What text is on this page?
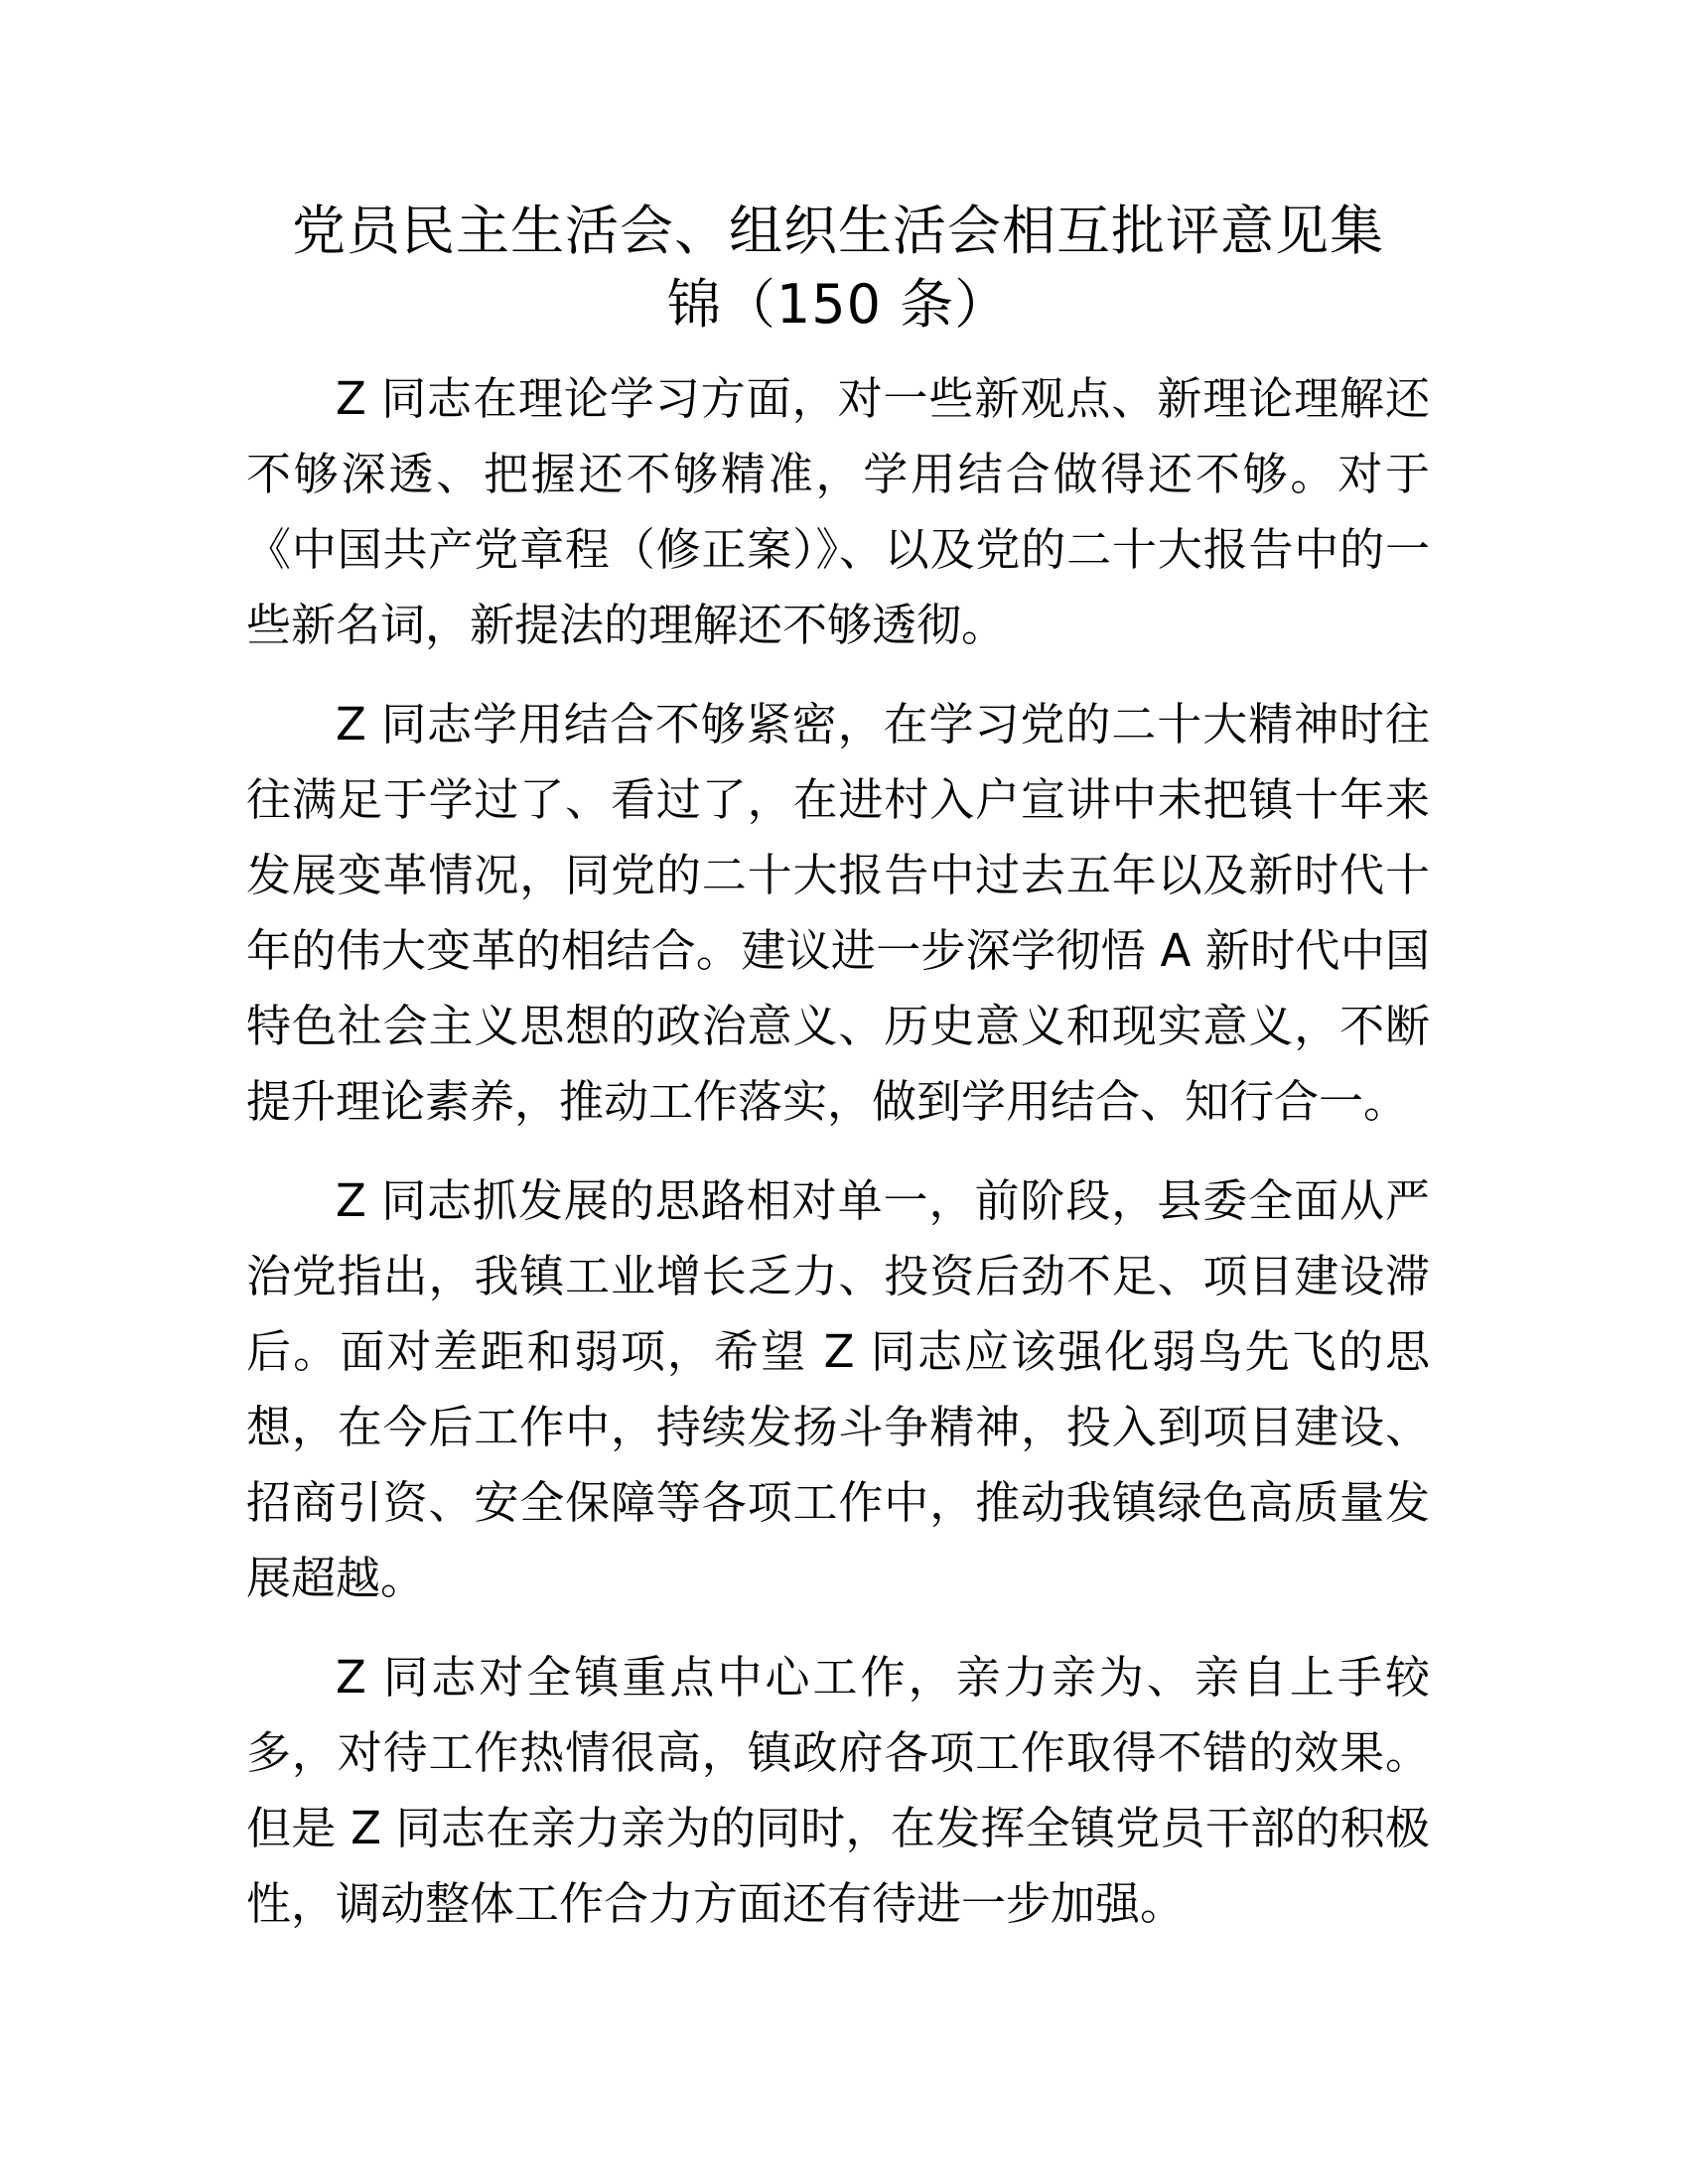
党员民主生活会、组织生活会相互批评意见集
锦（150 条）

Z 同志在理论学习方面，对一些新观点、新理论理解还不够深透、把握还不够精准，学用结合做得还不够。对于《中国共产党章程（修正案）》、以及党的二十大报告中的一些新名词，新提法的理解还不够透彻。

Z 同志学用结合不够紧密，在学习党的二十大精神时往往满足于学过了、看过了，在进村入户宣讲中未把镇十年来发展变革情况，同党的二十大报告中过去五年以及新时代十年的伟大变革的相结合。建议进一步深学彻悟 A 新时代中国特色社会主义思想的政治意义、历史意义和现实意义，不断提升理论素养，推动工作落实，做到学用结合、知行合一。

Z 同志抓发展的思路相对单一，前阶段，县委全面从严治党指出，我镇工业增长乏力、投资后劲不足、项目建设滞后。面对差距和弱项，希望 Z 同志应该强化弱鸟先飞的思想，在今后工作中，持续发扬斗争精神，投入到项目建设、招商引资、安全保障等各项工作中，推动我镇绿色高质量发展超越。

Z 同志对全镇重点中心工作，亲力亲为、亲自上手较多，对待工作热情很高，镇政府各项工作取得不错的效果。但是 Z 同志在亲力亲为的同时，在发挥全镇党员干部的积极性，调动整体工作合力方面还有待进一步加强。
